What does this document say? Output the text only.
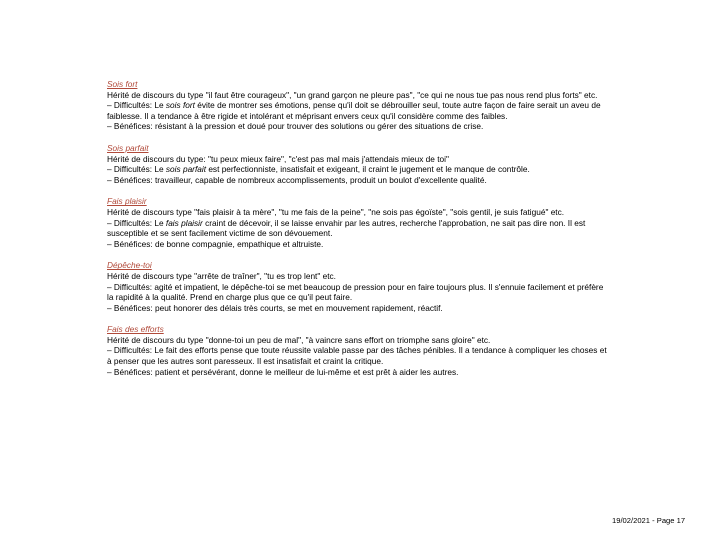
Sois fort
Hérité de discours du type "il faut être courageux", "un grand garçon ne pleure pas", "ce qui ne nous tue pas nous rend plus forts" etc.
– Difficultés: Le sois fort évite de montrer ses émotions, pense qu'il doit se débrouiller seul, toute autre façon de faire serait un aveu de faiblesse. Il a tendance à être rigide et intolérant et méprisant envers ceux qu'il considère comme des faibles.
– Bénéfices: résistant à la pression et doué pour trouver des solutions ou gérer des situations de crise.
Sois parfait
Hérité de discours du type: "tu peux mieux faire", "c'est pas mal mais j'attendais mieux de toi"
– Difficultés: Le sois parfait est perfectionniste, insatisfait et exigeant, il craint le jugement et le manque de contrôle.
– Bénéfices: travailleur, capable de nombreux accomplissements, produit un boulot d'excellente qualité.
Fais plaisir
Hérité de discours type "fais plaisir à ta mère", "tu me fais de la peine", "ne sois pas égoïste", "sois gentil, je suis fatigué" etc.
– Difficultés: Le fais plaisir craint de décevoir, il se laisse envahir par les autres, recherche l'approbation, ne sait pas dire non. Il est susceptible et se sent facilement victime de son dévouement.
– Bénéfices: de bonne compagnie, empathique et altruiste.
Dépêche-toi
Hérité de discours type "arrête de traîner", "tu es trop lent" etc.
– Difficultés: agité et impatient, le dépêche-toi se met beaucoup de pression pour en faire toujours plus. Il s'ennuie facilement et préfère la rapidité à la qualité. Prend en charge plus que ce qu'il peut faire.
– Bénéfices: peut honorer des délais très courts, se met en mouvement rapidement, réactif.
Fais des efforts
Hérité de discours du type "donne-toi un peu de mal", "à vaincre sans effort on triomphe sans gloire" etc.
– Difficultés: Le fait des efforts pense que toute réussite valable passe par des tâches pénibles. Il a tendance à compliquer les choses et à penser que les autres sont paresseux. Il est insatisfait et craint la critique.
– Bénéfices: patient et persévérant, donne le meilleur de lui-même et est prêt à aider les autres.
19/02/2021 - Page 17
